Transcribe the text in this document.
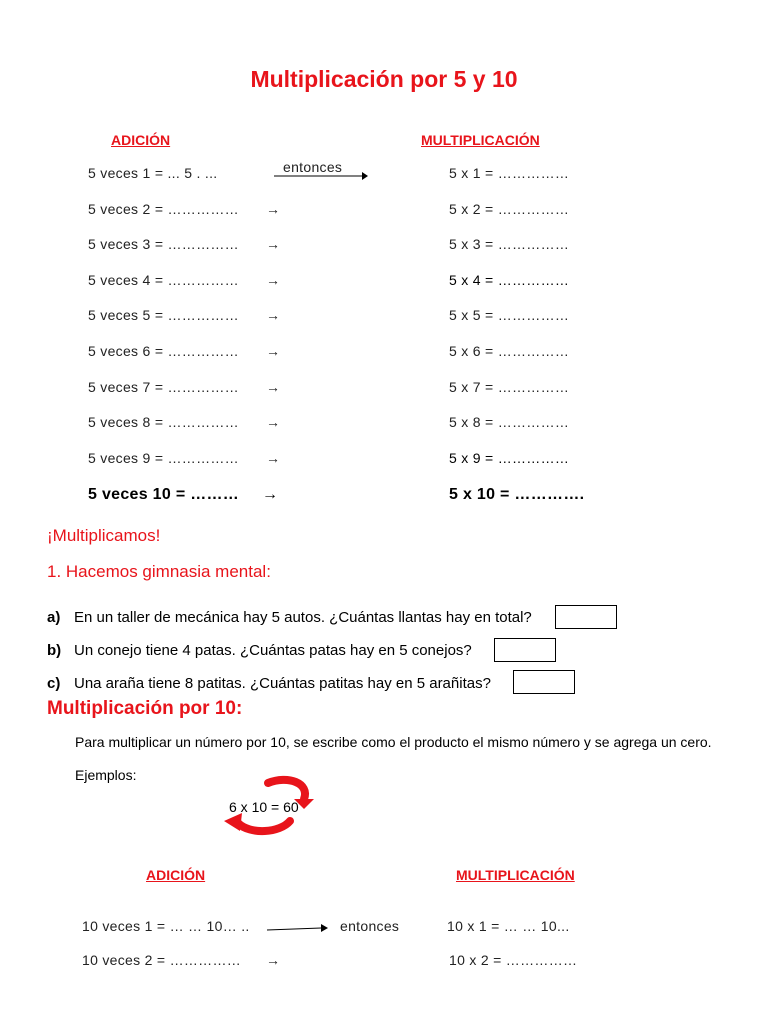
Multiplicación por 5 y 10
ADICIÓN	MULTIPLICACIÓN
entonces
5 veces 1 = ... 5 . ...	5 x 1 = ……………
5 veces 2 = …………… →	5 x 2 = ……………
5 veces 3 = …………… →	5 x 3 = ……………
5 veces 4 = …………… →	5 x 4 = ……………
5 veces 5 = …………… →	5 x 5 = ……………
5 veces 6 = …………… →	5 x 6 = ……………
5 veces 7 = …………… →	5 x 7 = ……………
5 veces 8 = …………… →	5 x 8 = ……………
5 veces 9 = …………… →	5 x 9 = ……………
5 veces 10 = ……… →	5 x 10 = ………….
¡Multiplicamos!
1. Hacemos gimnasia mental:
a) En un taller de mecánica hay 5 autos. ¿Cuántas llantas hay en total?
b) Un conejo tiene 4 patas. ¿Cuántas patas hay en 5 conejos?
c) Una araña tiene 8 patitas. ¿Cuántas patitas hay en 5 arañitas?
Multiplicación por 10:
Para multiplicar un número por 10, se escribe como el producto el mismo número y se agrega un cero.
Ejemplos:
6 x 10 = 60
ADICIÓN	MULTIPLICACIÓN
10 veces 1 = … … 10… ..	entonces	10 x 1 = … … 10...
10 veces 2 = …………… →	10 x 2 = ……………
